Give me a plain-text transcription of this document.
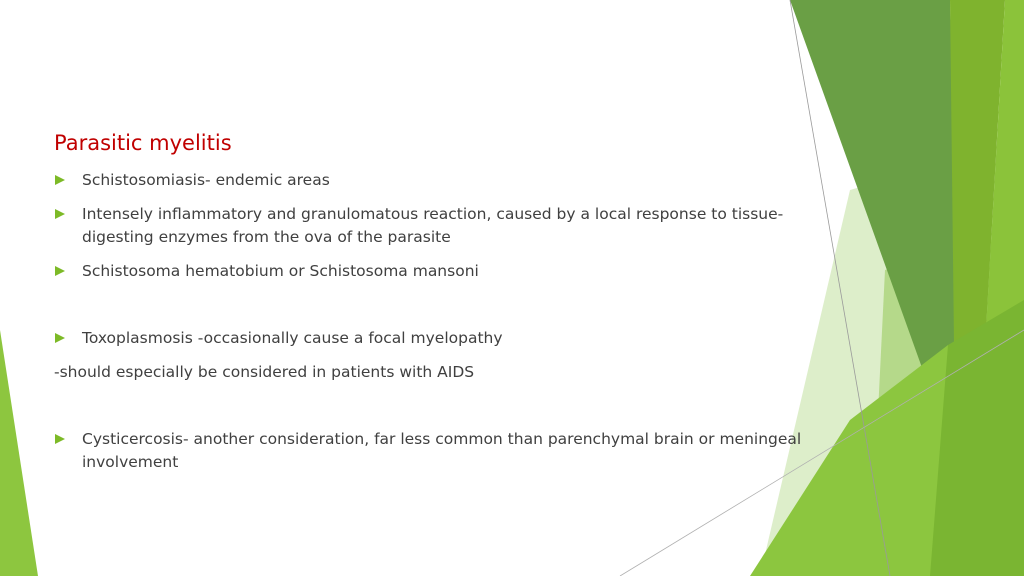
Parasitic myelitis
Schistosomiasis- endemic areas
Intensely inflammatory and granulomatous reaction, caused by a local response to tissue-digesting enzymes from the ova of the parasite
Schistosoma hematobium or Schistosoma mansoni
Toxoplasmosis -occasionally cause a focal myelopathy
-should especially be considered in patients with AIDS
Cysticercosis- another consideration, far less common than parenchymal brain or meningeal involvement
